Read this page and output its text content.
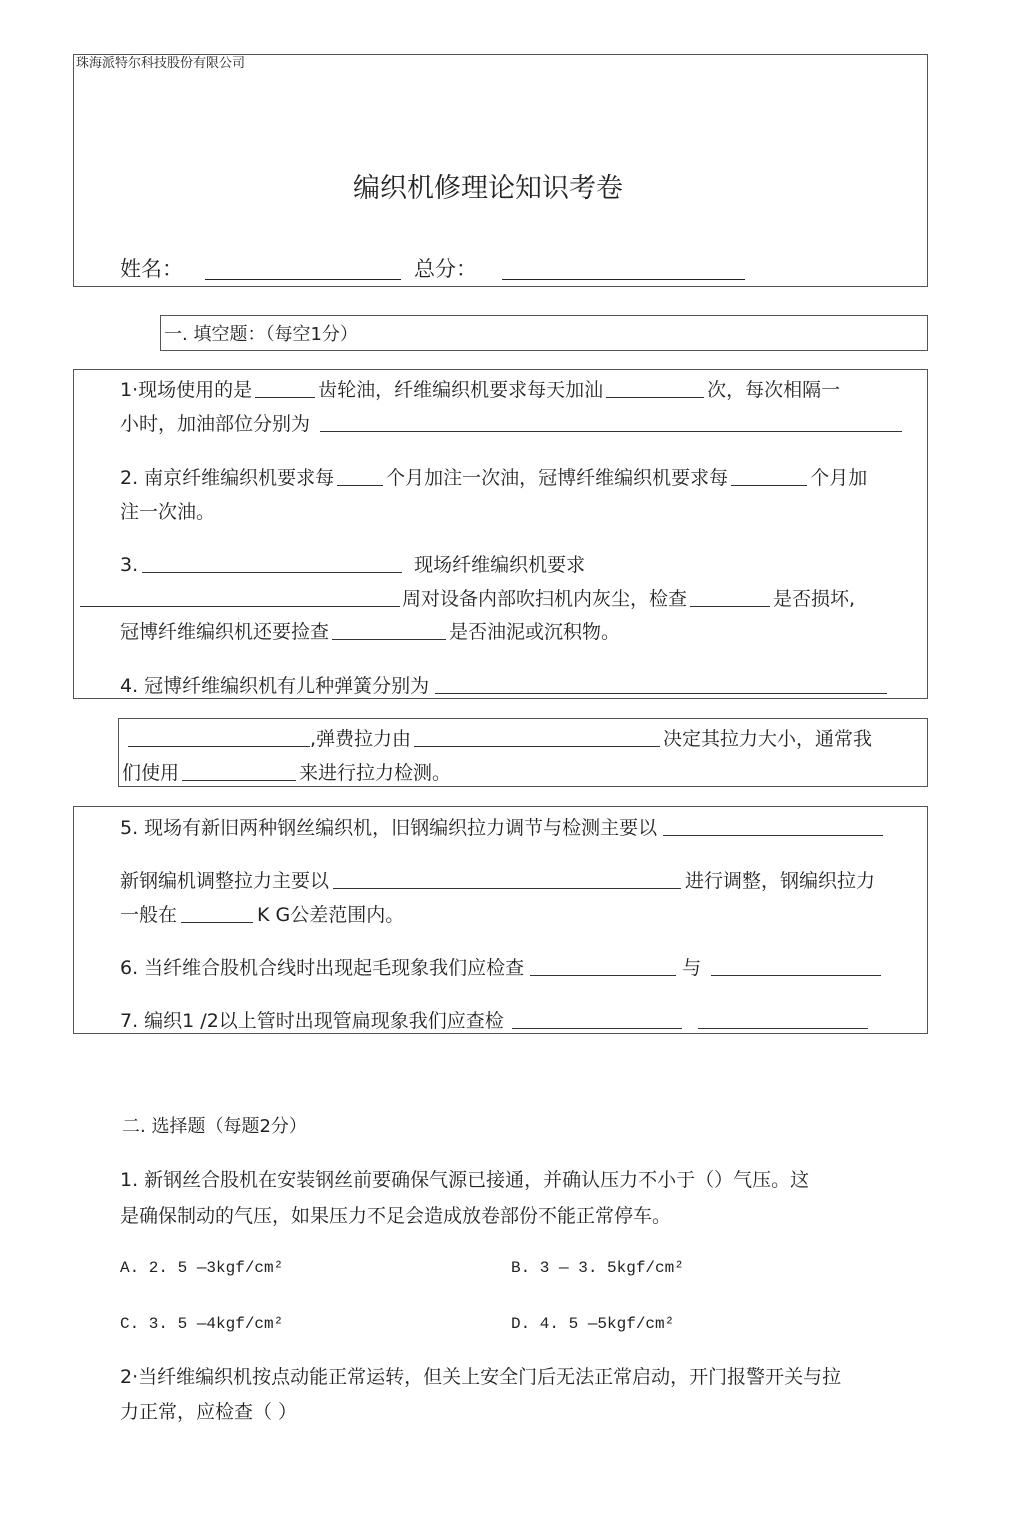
珠海派特尔科技股份有限公司
编织机修理论知识考卷
姓名：	总分：
一. 填空题：（每空1分）
1·现场使用的是	齿轮油，纤维编织机要求每天加汕	次，每次相隔一
小时，加油部位分别为
2. 南京纤维编织机要求每	个月加注一次油，冠博纤维编织机要求每	个月加
注一次油。
3.	现场纤维编织机要求
周对设备内部吹扫机内灰尘，检查	是否损坏,
冠博纤维编织机还要捡查	是否油泥或沉积物。
4. 冠博纤维编织机有儿种弹簧分别为
,弹费拉力由	决定其拉力大小，通常我
们使用	来进行拉力检测。
5. 现场有新旧两种钢丝编织机，旧钢编织拉力调节与检测主要以
新钢编机调整拉力主要以	进行调整，钢编织拉力
一般在	K G公差范围内。
6. 当纤维合股机合线时出现起毛现象我们应检查	与
7. 编织1 /2以上管时出现管扁现象我们应查检
二. 选择题（每题2分）
1. 新钢丝合股机在安装钢丝前要确保气源已接通，并确认压力不小于（）气压。这
是确保制动的气压，如果压力不足会造成放卷部份不能正常停车。
A. 2. 5 —3kgf/cm²	B. 3 — 3. 5kgf/cm²
C. 3. 5 —4kgf/cm²	D. 4. 5 —5kgf/cm²
2·当纤维编织机按点动能正常运转，但关上安全门后无法正常启动，开门报警开关与拉
力正常，应检查（ ）
